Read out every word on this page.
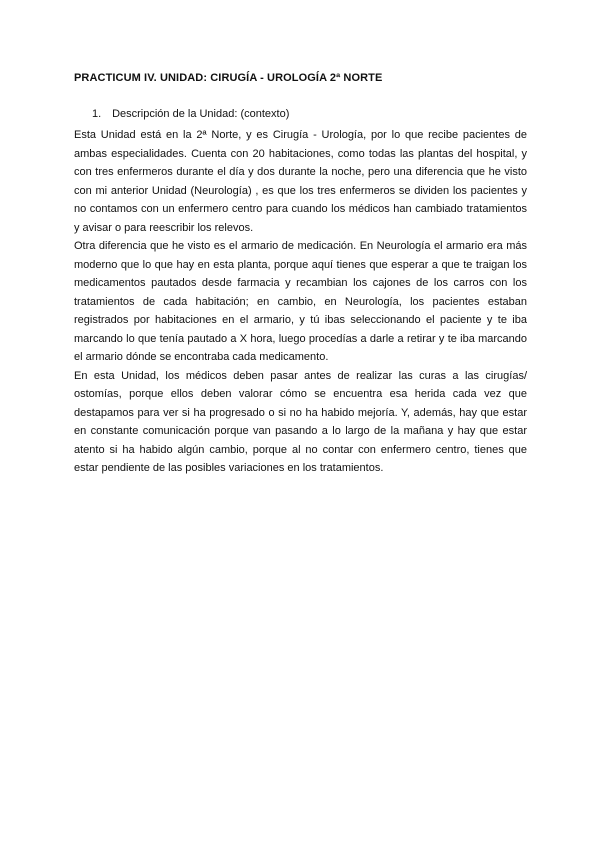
PRACTICUM IV. UNIDAD: CIRUGÍA - UROLOGÍA 2ª NORTE
1. Descripción de la Unidad: (contexto)

Esta Unidad está en la 2ª Norte, y es Cirugía - Urología, por lo que recibe pacientes de ambas especialidades. Cuenta con 20 habitaciones, como todas las plantas del hospital, y con tres enfermeros durante el día y dos durante la noche, pero una diferencia que he visto con mi anterior Unidad (Neurología) , es que los tres enfermeros se dividen los pacientes y no contamos con un enfermero centro para cuando los médicos han cambiado tratamientos y avisar o para reescribir los relevos.

Otra diferencia que he visto es el armario de medicación. En Neurología el armario era más moderno que lo que hay en esta planta, porque aquí tienes que esperar a que te traigan los medicamentos pautados desde farmacia y recambian los cajones de los carros con los tratamientos de cada habitación; en cambio, en Neurología, los pacientes estaban registrados por habitaciones en el armario, y tú ibas seleccionando el paciente y te iba marcando lo que tenía pautado a X hora, luego procedías a darle a retirar y te iba marcando el armario dónde se encontraba cada medicamento.

En esta Unidad, los médicos deben pasar antes de realizar las curas a las cirugías/ ostomías, porque ellos deben valorar cómo se encuentra esa herida cada vez que destapamos para ver si ha progresado o si no ha habido mejoría. Y, además, hay que estar en constante comunicación porque van pasando a lo largo de la mañana y hay que estar atento si ha habido algún cambio, porque al no contar con enfermero centro, tienes que estar pendiente de las posibles variaciones en los tratamientos.
